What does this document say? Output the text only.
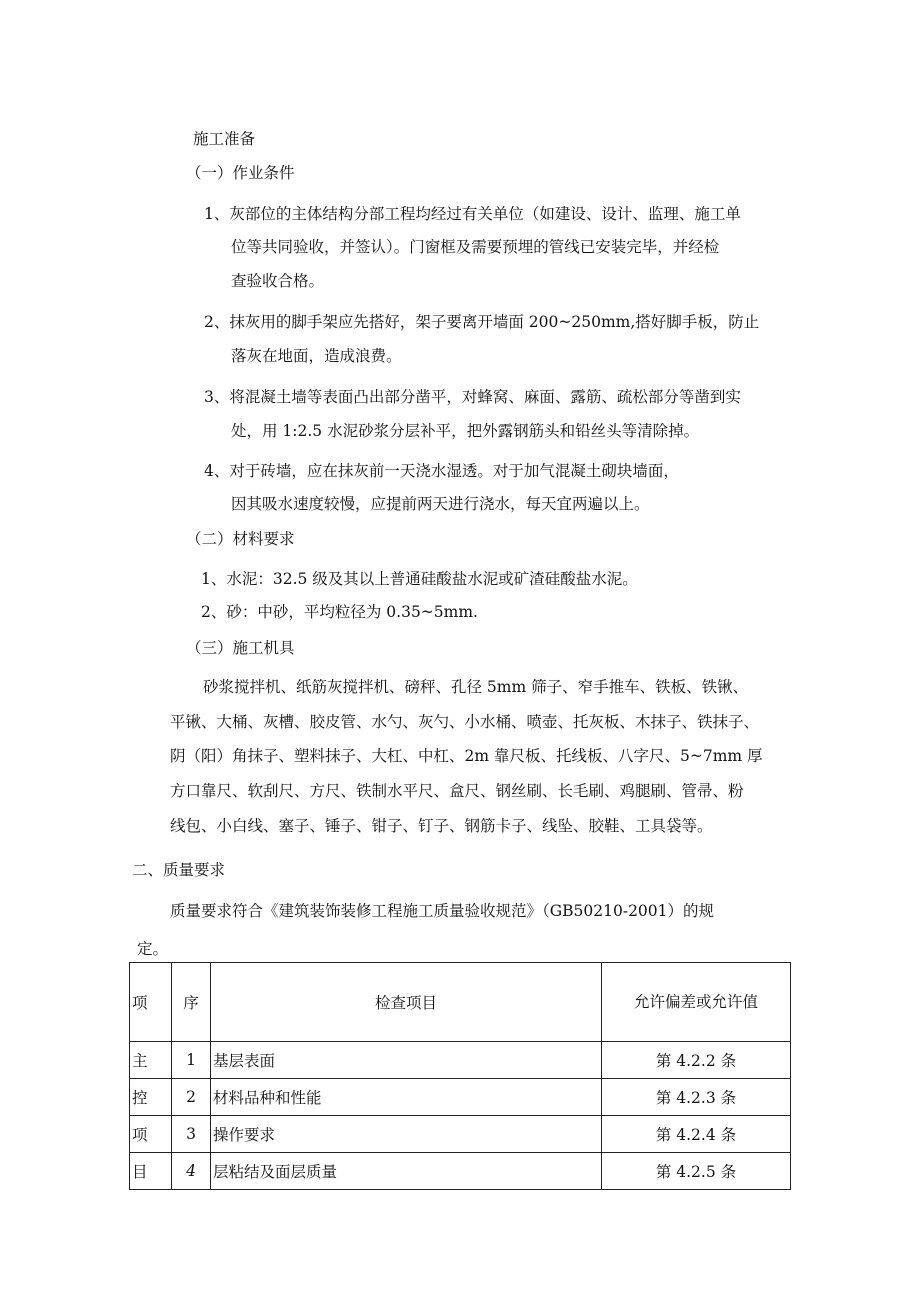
施工准备
（一）作业条件
1、灰部位的主体结构分部工程均经过有关单位（如建设、设计、监理、施工单
位等共同验收，并签认）。门窗框及需要预埋的管线已安装完毕，并经检
查验收合格。
2、抹灰用的脚手架应先搭好，架子要离开墙面 200~250mm,搭好脚手板，防止
落灰在地面，造成浪费。
3、将混凝土墙等表面凸出部分凿平，对蜂窝、麻面、露筋、疏松部分等凿到实
处，用 1:2.5 水泥砂浆分层补平，把外露钢筋头和铅丝头等清除掉。
4、对于砖墙，应在抹灰前一天浇水湿透。对于加气混凝土砌块墙面，
因其吸水速度较慢，应提前两天进行浇水，每天宜两遍以上。
（二）材料要求
1、水泥：32.5 级及其以上普通硅酸盐水泥或矿渣硅酸盐水泥。
2、砂：中砂，平均粒径为 0.35~5mm.
（三）施工机具
砂浆搅拌机、纸筋灰搅拌机、磅秤、孔径 5mm 筛子、窄手推车、铁板、铁锹、
平锹、大桶、灰槽、胶皮管、水勺、灰勺、小水桶、喷壶、托灰板、木抹子、铁抹子、
阴（阳）角抹子、塑料抹子、大杠、中杠、2m 靠尺板、托线板、八字尺、5~7mm 厚
方口靠尺、软刮尺、方尺、铁制水平尺、盒尺、钢丝刷、长毛刷、鸡腿刷、管帚、粉
线包、小白线、塞子、锤子、钳子、钉子、钢筋卡子、线坠、胶鞋、工具袋等。
二、质量要求
质量要求符合《建筑装饰装修工程施工质量验收规范》（GB50210-2001）的规
定。
项	序	检查项目	允许偏差或允许值
主	1	基层表面	第 4.2.2 条
控	2	材料品种和性能	第 4.2.3 条
项	3	操作要求	第 4.2.4 条
目	4	层粘结及面层质量	第 4.2.5 条
